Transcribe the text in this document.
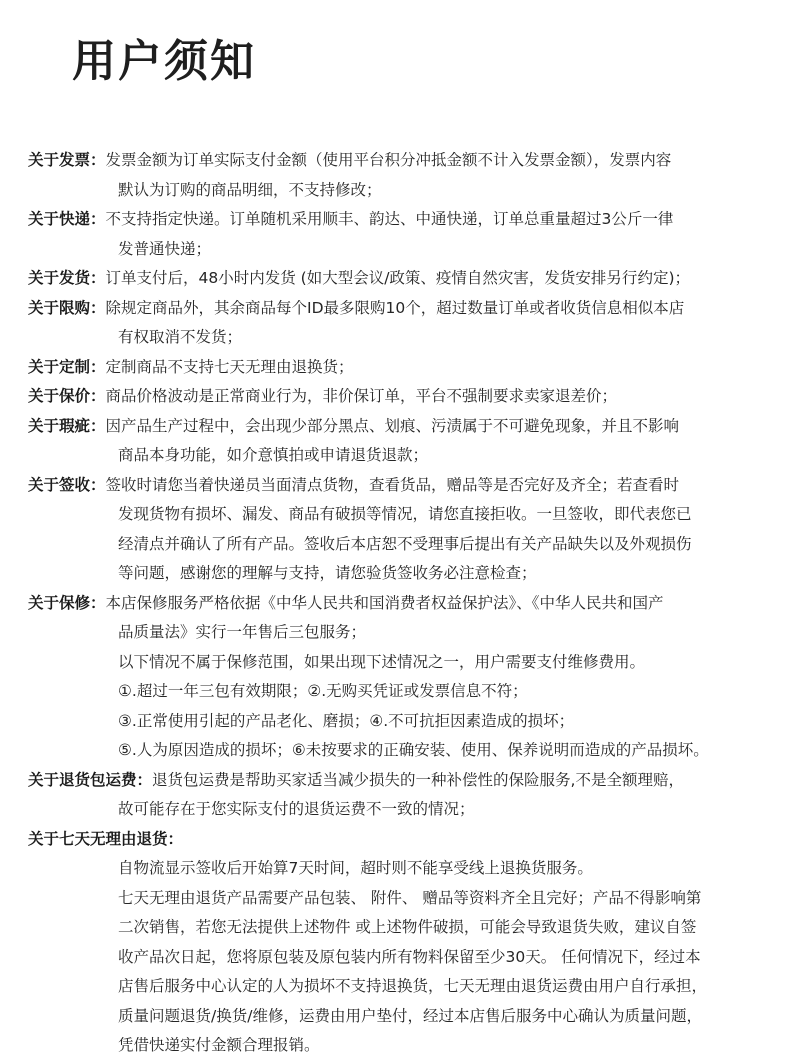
用户须知
关于发票：发票金额为订单实际支付金额（使用平台积分冲抵金额不计入发票金额），发票内容
默认为订购的商品明细，不支持修改；
关于快递：不支持指定快递。订单随机采用顺丰、韵达、中通快递，订单总重量超过3公斤一律
发普通快递；
关于发货：订单支付后，48小时内发货 (如大型会议/政策、疫情自然灾害，发货安排另行约定)；
关于限购：除规定商品外，其余商品每个ID最多限购10个，超过数量订单或者收货信息相似本店
有权取消不发货；
关于定制：定制商品不支持七天无理由退换货；
关于保价：商品价格波动是正常商业行为，非价保订单，平台不强制要求卖家退差价；
关于瑕疵：因产品生产过程中，会出现少部分黑点、划痕、污渍属于不可避免现象，并且不影响
商品本身功能，如介意慎拍或申请退货退款；
关于签收：签收时请您当着快递员当面清点货物，查看货品，赠品等是否完好及齐全；若查看时
发现货物有损坏、漏发、商品有破损等情况，请您直接拒收。一旦签收，即代表您已
经清点并确认了所有产品。签收后本店恕不受理事后提出有关产品缺失以及外观损伤
等问题，感谢您的理解与支持，请您验货签收务必注意检查；
关于保修：本店保修服务严格依据《中华人民共和国消费者权益保护法》、《中华人民共和国产
品质量法》实行一年售后三包服务；
以下情况不属于保修范围，如果出现下述情况之一，用户需要支付维修费用。
①.超过一年三包有效期限；②.无购买凭证或发票信息不符；
③.正常使用引起的产品老化、磨损；④.不可抗拒因素造成的损坏；
⑤.人为原因造成的损坏；⑥未按要求的正确安装、使用、保养说明而造成的产品损坏。
关于退货包运费：退货包运费是帮助买家适当减少损失的一种补偿性的保险服务,不是全额理赔，
故可能存在于您实际支付的退货运费不一致的情况；
关于七天无理由退货：
自物流显示签收后开始算7天时间，超时则不能享受线上退换货服务。
七天无理由退货产品需要产品包装、 附件、 赠品等资料齐全且完好；产品不得影响第
二次销售，若您无法提供上述物件 或上述物件破损，可能会导致退货失败，建议自签
收产品次日起，您将原包装及原包装内所有物料保留至少30天。 任何情况下，经过本
店售后服务中心认定的人为损坏不支持退换货，七天无理由退货运费由用户自行承担，
质量问题退货/换货/维修，运费由用户垫付，经过本店售后服务中心确认为质量问题，
凭借快递实付金额合理报销。
